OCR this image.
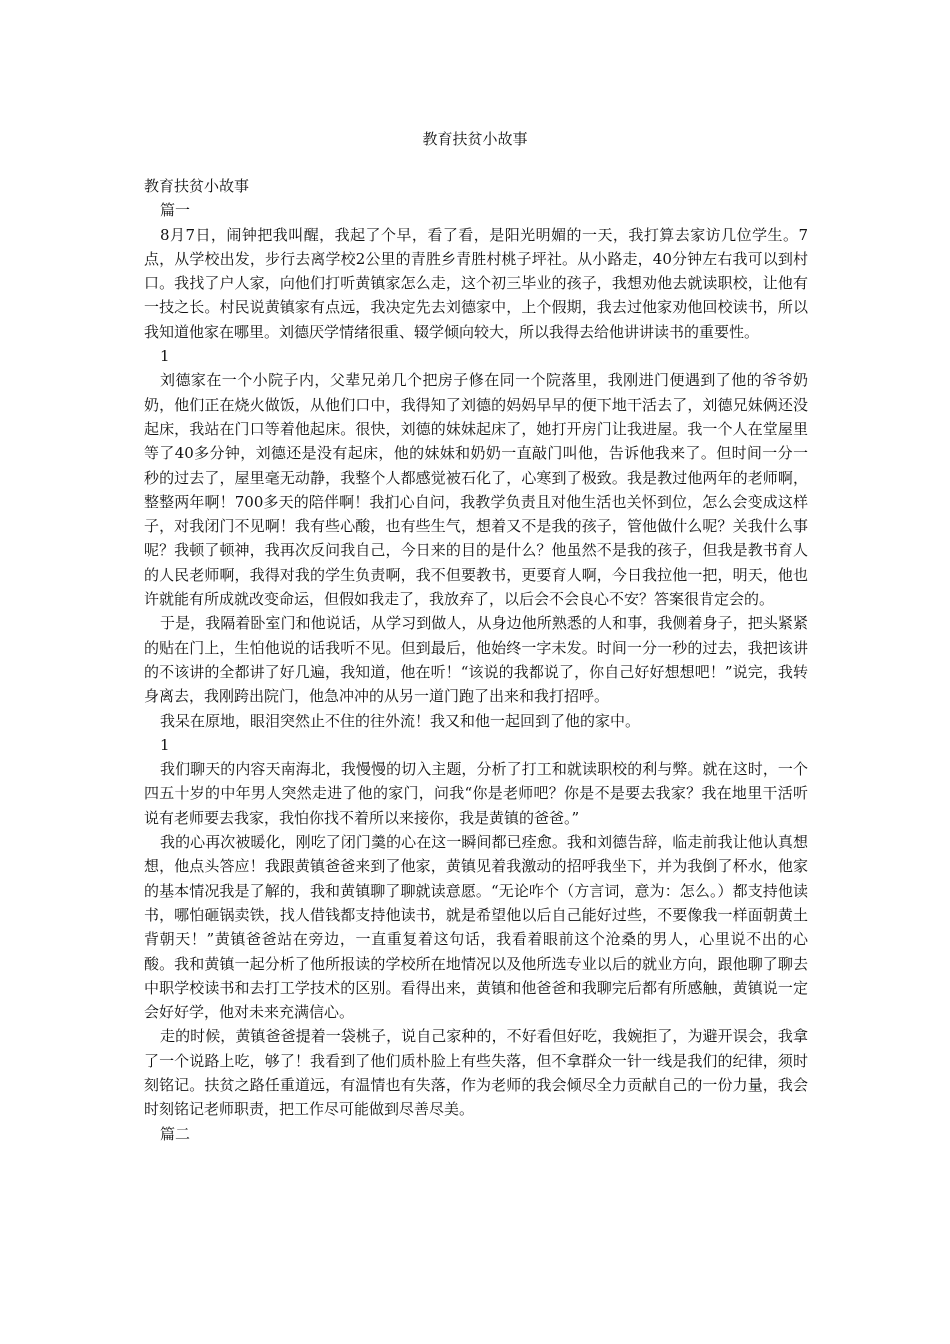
教育扶贫小故事

教育扶贫小故事

篇一

8月7日，闹钟把我叫醒，我起了个早，看了看，是阳光明媚的一天，我打算去家访几位学生。7点，从学校出发，步行去离学校2公里的青胜乡青胜村桃子坪社。从小路走，40分钟左右我可以到村口。我找了户人家，向他们打听黄镇家怎么走，这个初三毕业的孩子，我想劝他去就读职校，让他有一技之长。村民说黄镇家有点远，我决定先去刘德家中，上个假期，我去过他家劝他回校读书，所以我知道他家在哪里。刘德厌学情绪很重、辍学倾向较大，所以我得去给他讲讲读书的重要性。

1

刘德家在一个小院子内，父辈兄弟几个把房子修在同一个院落里，我刚进门便遇到了他的爷爷奶奶，他们正在烧火做饭，从他们口中，我得知了刘德的妈妈早早的便下地干活去了，刘德兄妹俩还没起床，我站在门口等着他起床。很快，刘德的妹妹起床了，她打开房门让我进屋。我一个人在堂屋里等了40多分钟，刘德还是没有起床，他的妹妹和奶奶一直敲门叫他，告诉他我来了。但时间一分一秒的过去了，屋里毫无动静，我整个人都感觉被石化了，心寒到了极致。我是教过他两年的老师啊，整整两年啊！700多天的陪伴啊！我扪心自问，我教学负责且对他生活也关怀到位，怎么会变成这样子，对我闭门不见啊！我有些心酸，也有些生气，想着又不是我的孩子，管他做什么呢？关我什么事呢？我顿了顿神，我再次反问我自己，今日来的目的是什么？他虽然不是我的孩子，但我是教书育人的人民老师啊，我得对我的学生负责啊，我不但要教书，更要育人啊，今日我拉他一把，明天，他也许就能有所成就改变命运，但假如我走了，我放弃了，以后会不会良心不安？答案很肯定会的。

于是，我隔着卧室门和他说话，从学习到做人，从身边他所熟悉的人和事，我侧着身子，把头紧紧的贴在门上，生怕他说的话我听不见。但到最后，他始终一字未发。时间一分一秒的过去，我把该讲的不该讲的全都讲了好几遍，我知道，他在听！“该说的我都说了，你自己好好想想吧！”说完，我转身离去，我刚跨出院门，他急冲冲的从另一道门跑了出来和我打招呼。

我呆在原地，眼泪突然止不住的往外流！我又和他一起回到了他的家中。

1

我们聊天的内容天南海北，我慢慢的切入主题，分析了打工和就读职校的利与弊。就在这时，一个四五十岁的中年男人突然走进了他的家门，问我“你是老师吧？你是不是要去我家？我在地里干活听说有老师要去我家，我怕你找不着所以来接你，我是黄镇的爸爸。”

我的心再次被暖化，刚吃了闭门羹的心在这一瞬间都已痊愈。我和刘德告辞，临走前我让他认真想想，他点头答应！我跟黄镇爸爸来到了他家，黄镇见着我激动的招呼我坐下，并为我倒了杯水，他家的基本情况我是了解的，我和黄镇聊了聊就读意愿。“无论咋个（方言词，意为：怎么。）都支持他读书，哪怕砸锅卖铁，找人借钱都支持他读书，就是希望他以后自己能好过些，不要像我一样面朝黄土背朝天！”黄镇爸爸站在旁边，一直重复着这句话，我看着眼前这个沧桑的男人，心里说不出的心酸。我和黄镇一起分析了他所报读的学校所在地情况以及他所选专业以后的就业方向，跟他聊了聊去中职学校读书和去打工学技术的区别。看得出来，黄镇和他爸爸和我聊完后都有所感触，黄镇说一定会好好学，他对未来充满信心。

走的时候，黄镇爸爸提着一袋桃子，说自己家种的，不好看但好吃，我婉拒了，为避开误会，我拿了一个说路上吃，够了！我看到了他们质朴脸上有些失落，但不拿群众一针一线是我们的纪律，须时刻铭记。扶贫之路任重道远，有温情也有失落，作为老师的我会倾尽全力贡献自己的一份力量，我会时刻铭记老师职责，把工作尽可能做到尽善尽美。

篇二
